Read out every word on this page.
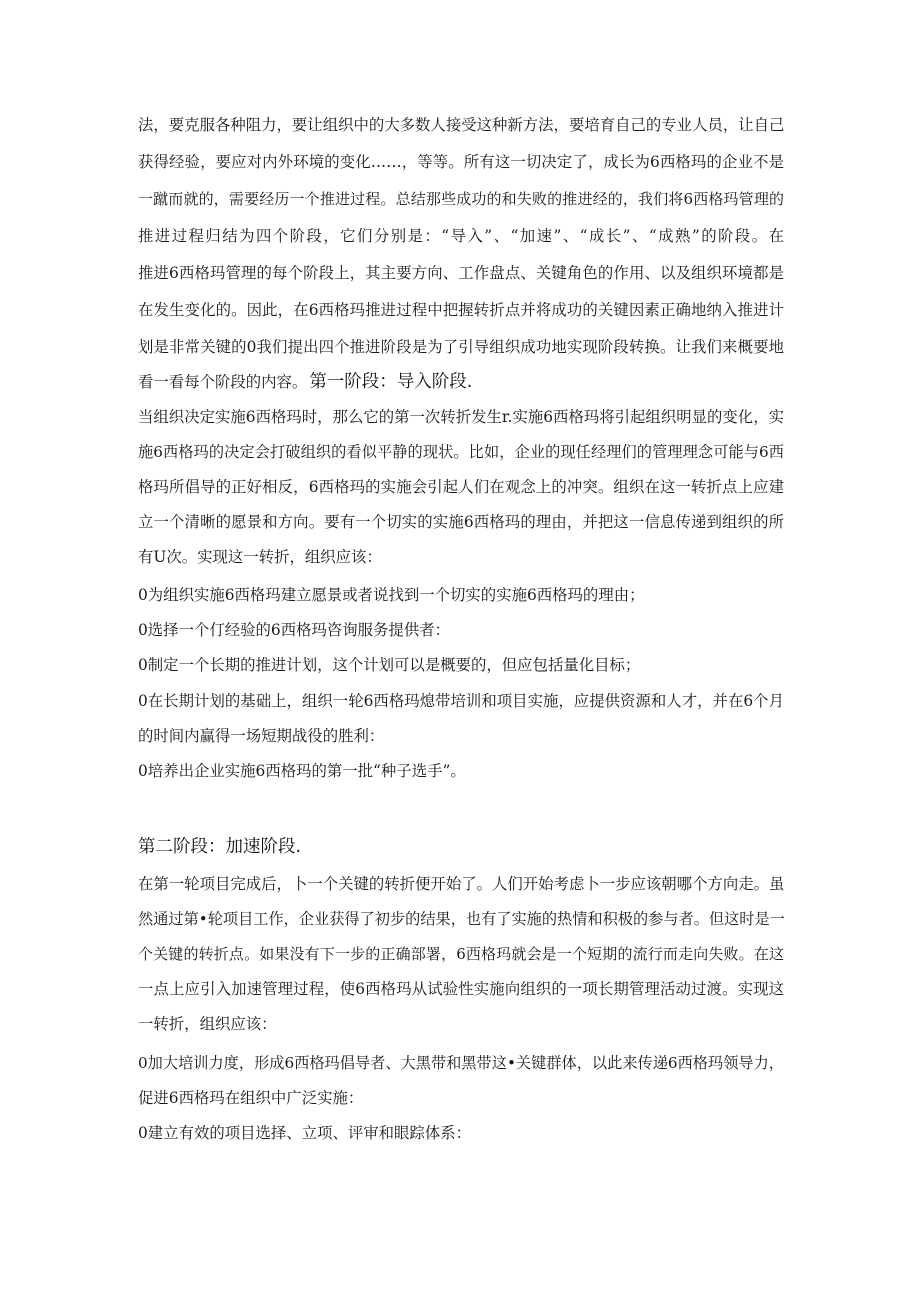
法，要克服各种阻力，要让组织中的大多数人接受这种新方法，要培育自己的专业人员，让自己
获得经验，要应对内外环境的变化……，等等。所有这一切决定了，成长为6西格玛的企业不是
一蹴而就的，需要经历一个推进过程。总结那些成功的和失败的推进经的，我们将6西格玛管理的
推进过程归结为四个阶段，它们分别是：“导入”、“加速”、“成长”、“成熟”的阶段。在
推进6西格玛管理的每个阶段上，其主要方向、工作盘点、关键角色的作用、以及组织环境都是
在发生变化的。因此，在6西格玛推进过程中把握转折点并将成功的关键因素正确地纳入推进计
划是非常关键的0我们提出四个推进阶段是为了引导组织成功地实现阶段转换。让我们来概要地
看一看每个阶段的内容。 第一阶段：导入阶段.
当组织决定实施6西格玛时，那么它的第一次转折发生r.实施6西格玛将引起组织明显的变化，实
施6西格玛的决定会打破组织的看似平静的现状。比如，企业的现任经理们的管理理念可能与6西
格玛所倡导的正好相反，6西格玛的实施会引起人们在观念上的冲突。组织在这一转折点上应建
立一个清晰的愿景和方向。要有一个切实的实施6西格玛的理由，并把这一信息传递到组织的所
有U次。实现这一转折，组织应该：
0为组织实施6西格玛建立愿景或者说找到一个切实的实施6西格玛的理由；
0选择一个仃经验的6西格玛咨询服务提供者：
0制定一个长期的推进计划，这个计划可以是概要的，但应包括量化目标；
0在长期计划的基础上，组织一轮6西格玛熄带培训和项目实施，应提供资源和人才，并在6个月
的时间内赢得一场短期战役的胜利：
0培养出企业实施6西格玛的第一批“种子选手”。
第二阶段：加速阶段.
在第一轮项目完成后，卜一个关键的转折便开始了。人们开始考虑卜一步应该朝哪个方向走。虽
然通过第•轮项目工作，企业获得了初步的结果，也有了实施的热情和积极的参与者。但这时是一
个关键的转折点。如果没有下一步的正确部署，6西格玛就会是一个短期的流行而走向失败。在这
一点上应引入加速管理过程，使6西格玛从试验性实施向组织的一项长期管理活动过渡。实现这
一转折，组织应该：
0加大培训力度，形成6西格玛倡导者、大黑带和黑带这•关键群体，以此来传递6西格玛领导力，
促进6西格玛在组织中广泛实施：
0建立有效的项目选择、立项、评审和眼踪体系：
